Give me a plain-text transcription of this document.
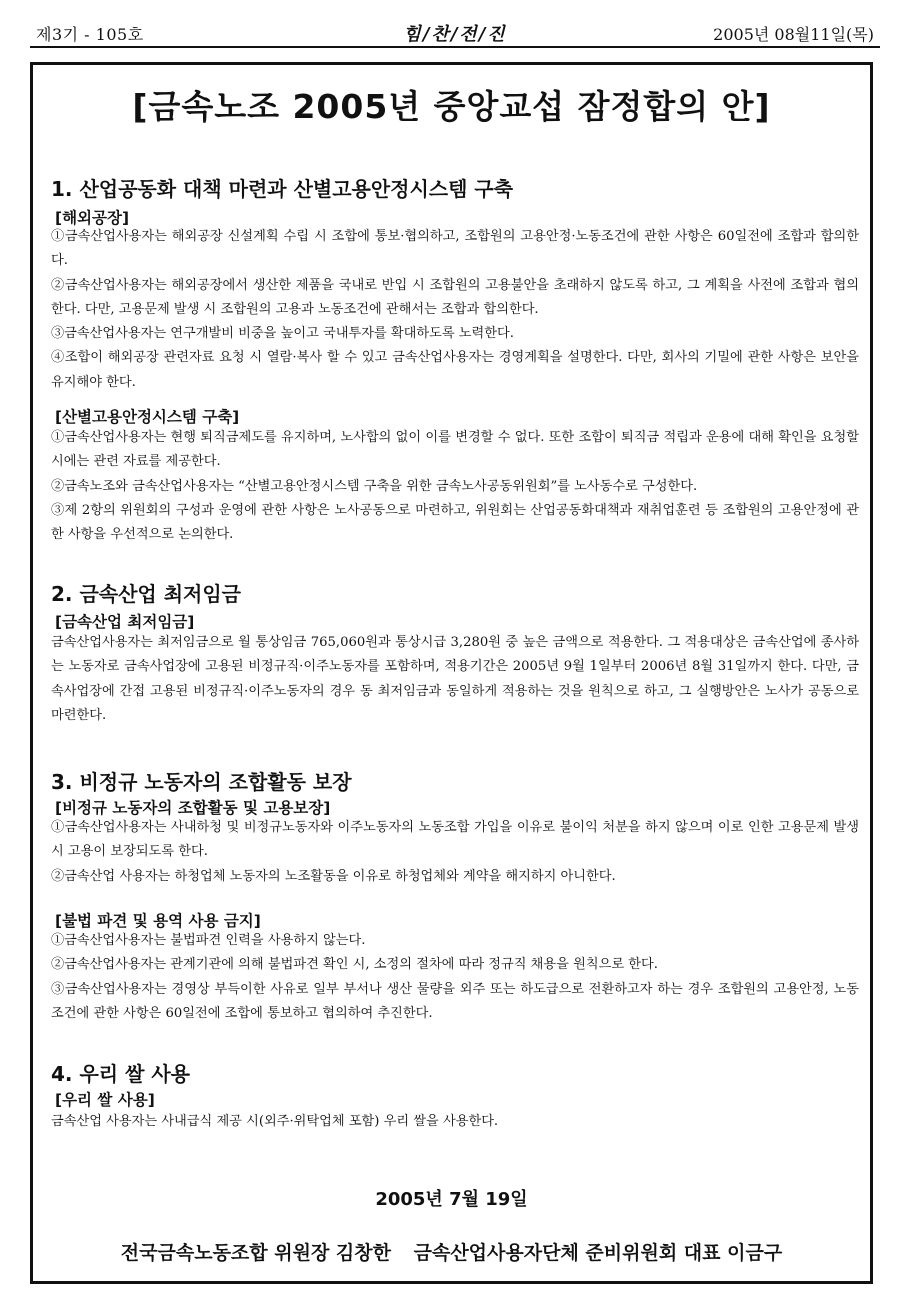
제3기 - 105호	힘/찬/전/진	2005년 08월11일(목)
[금속노조 2005년 중앙교섭 잠정합의 안]
1. 산업공동화 대책 마련과 산별고용안정시스템 구축
[해외공장]

①금속산업사용자는 해외공장 신설계획 수립 시 조합에 통보·협의하고, 조합원의 고용안정·노동조건에 관한 사항은 60일전에 조합과 합의한다.

②금속산업사용자는 해외공장에서 생산한 제품을 국내로 반입 시 조합원의 고용불안을 초래하지 않도록 하고, 그 계획을 사전에 조합과 협의한다. 다만, 고용문제 발생 시 조합원의 고용과 노동조건에 관해서는 조합과 합의한다.

③금속산업사용자는 연구개발비 비중을 높이고 국내투자를 확대하도록 노력한다.

④조합이 해외공장 관련자료 요청 시 열람·복사 할 수 있고 금속산업사용자는 경영계획을 설명한다. 다만, 회사의 기밀에 관한 사항은 보안을 유지해야 한다.

[산별고용안정시스템 구축]

①금속산업사용자는 현행 퇴직금제도를 유지하며, 노사합의 없이 이를 변경할 수 없다. 또한 조합이 퇴직금 적립과 운용에 대해 확인을 요청할 시에는 관련 자료를 제공한다.

②금속노조와 금속산업사용자는 “산별고용안정시스템 구축을 위한 금속노사공동위원회”를 노사동수로 구성한다.

③제 2항의 위원회의 구성과 운영에 관한 사항은 노사공동으로 마련하고, 위원회는 산업공동화대책과 재취업훈련 등 조합원의 고용안정에 관한 사항을 우선적으로 논의한다.

2. 금속산업 최저임금
[금속산업 최저임금]

금속산업사용자는 최저임금으로 월 통상임금 765,060원과 통상시급 3,280원 중 높은 금액으로 적용한다. 그 적용대상은 금속산업에 종사하는 노동자로 금속사업장에 고용된 비정규직·이주노동자를 포함하며, 적용기간은 2005년 9월 1일부터 2006년 8월 31일까지 한다. 다만, 금속사업장에 간접 고용된 비정규직·이주노동자의 경우 동 최저임금과 동일하게 적용하는 것을 원칙으로 하고, 그 실행방안은 노사가 공동으로 마련한다.

3. 비정규 노동자의 조합활동 보장
[비정규 노동자의 조합활동 및 고용보장]

①금속산업사용자는 사내하청 및 비정규노동자와 이주노동자의 노동조합 가입을 이유로 불이익 처분을 하지 않으며 이로 인한 고용문제 발생시 고용이 보장되도록 한다.

②금속산업 사용자는 하청업체 노동자의 노조활동을 이유로 하청업체와 계약을 해지하지 아니한다.

[불법 파견 및 용역 사용 금지]

①금속산업사용자는 불법파견 인력을 사용하지 않는다.

②금속산업사용자는 관계기관에 의해 불법파견 확인 시, 소정의 절차에 따라 정규직 채용을 원칙으로 한다.

③금속산업사용자는 경영상 부득이한 사유로 일부 부서나 생산 물량을 외주 또는 하도급으로 전환하고자 하는 경우 조합원의 고용안정, 노동조건에 관한 사항은 60일전에 조합에 통보하고 협의하여 추진한다.

4. 우리 쌀 사용
[우리 쌀 사용]

금속산업 사용자는 사내급식 제공 시(외주·위탁업체 포함) 우리 쌀을 사용한다.

2005년 7월 19일
전국금속노동조합 위원장 김창한 금속산업사용자단체 준비위원회 대표 이금구
